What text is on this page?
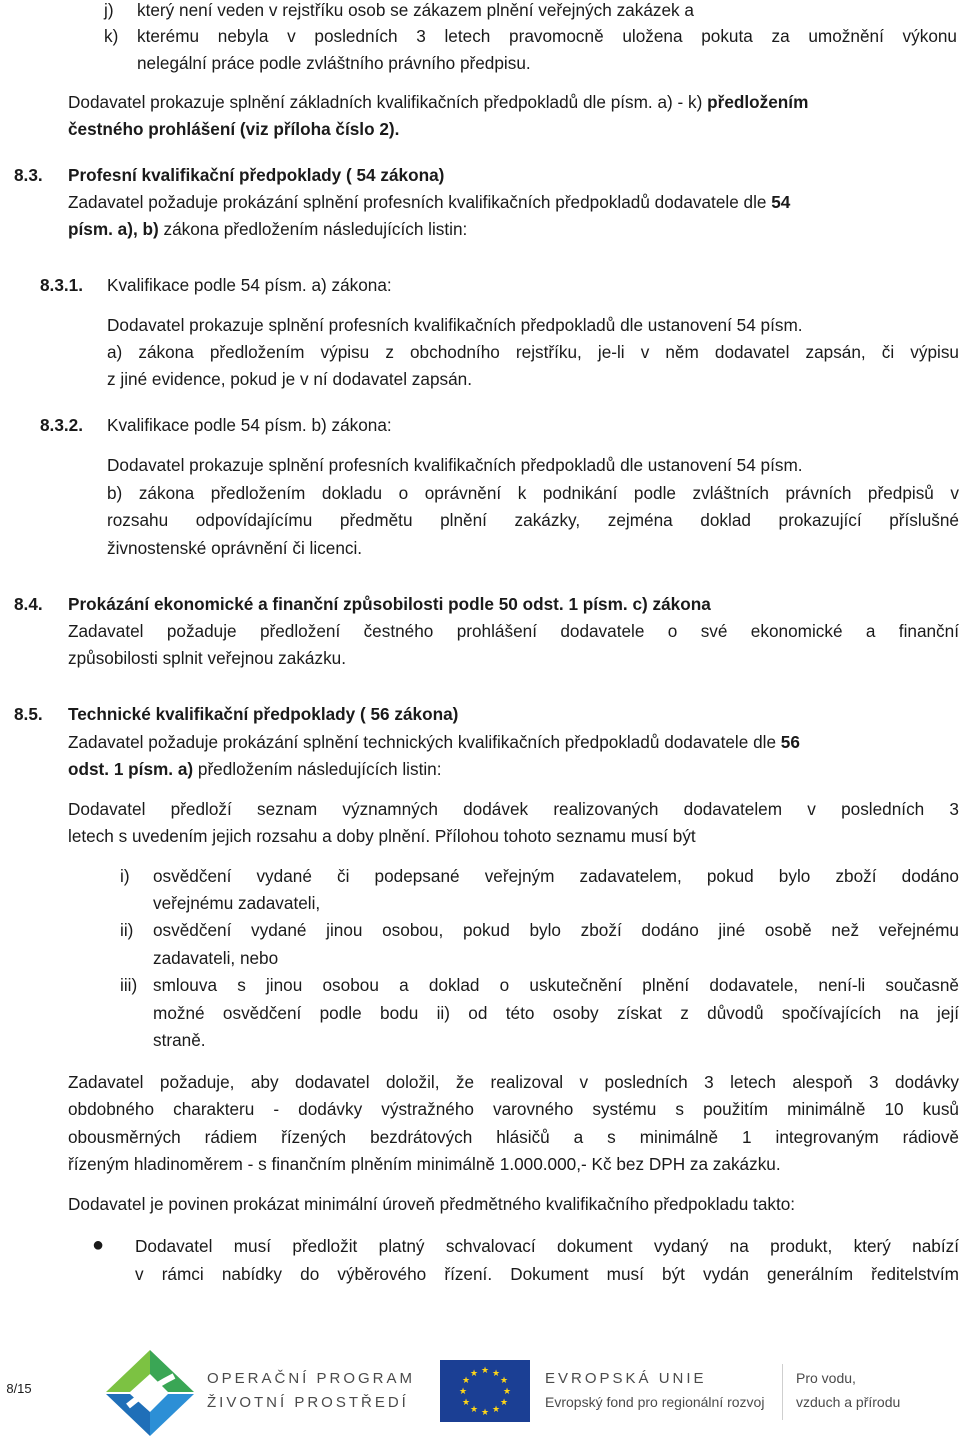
j) který není veden v rejstříku osob se zákazem plnění veřejných zakázek a
k) kterému nebyla v posledních 3 letech pravomocně uložena pokuta za umožnění výkonu
nelegální práce podle zvláštního právního předpisu.
Dodavatel prokazuje splnění základních kvalifikačních předpokladů dle písm. a) - k) předložením
čestného prohlášení (viz příloha číslo 2).
8.3. Profesní kvalifikační předpoklady ( 54 zákona)
Zadavatel požaduje prokázání splnění profesních kvalifikačních předpokladů dodavatele dle 54
písm. a), b) zákona předložením následujících listin:
8.3.1. Kvalifikace podle 54 písm. a) zákona:
Dodavatel prokazuje splnění profesních kvalifikačních předpokladů dle ustanovení 54 písm.
a) zákona předložením výpisu z obchodního rejstříku, je-li v něm dodavatel zapsán, či výpisu
z jiné evidence, pokud je v ní dodavatel zapsán.
8.3.2. Kvalifikace podle 54 písm. b) zákona:
Dodavatel prokazuje splnění profesních kvalifikačních předpokladů dle ustanovení 54 písm.
b) zákona předložením dokladu o oprávnění k podnikání podle zvláštních právních předpisů v
rozsahu odpovídajícímu předmětu plnění zakázky, zejména doklad prokazující příslušné
živnostenské oprávnění či licenci.
8.4. Prokázání ekonomické a finanční způsobilosti podle 50 odst. 1 písm. c) zákona
Zadavatel požaduje předložení čestného prohlášení dodavatele o své ekonomické a finanční
způsobilosti splnit veřejnou zakázku.
8.5. Technické kvalifikační předpoklady ( 56 zákona)
Zadavatel požaduje prokázání splnění technických kvalifikačních předpokladů dodavatele dle 56
odst. 1 písm. a) předložením následujících listin:
Dodavatel předloží seznam významných dodávek realizovaných dodavatelem v posledních 3
letech s uvedením jejich rozsahu a doby plnění. Přílohou tohoto seznamu musí být
i) osvědčení vydané či podepsané veřejným zadavatelem, pokud bylo zboží dodáno
veřejnému zadavateli,
ii) osvědčení vydané jinou osobou, pokud bylo zboží dodáno jiné osobě než veřejnému
zadavateli, nebo
iii) smlouva s jinou osobou a doklad o uskutečnění plnění dodavatele, není-li současně
možné osvědčení podle bodu ii) od této osoby získat z důvodů spočívajících na její
straně.
Zadavatel požaduje, aby dodavatel doložil, že realizoval v posledních 3 letech alespoň 3 dodávky
obdobného charakteru - dodávky výstražného varovného systému s použitím minimálně 10 kusů
obousměrných rádiem řízených bezdrátových hlásičů a s minimálně 1 integrovaným rádiově
řízeným hladinoměrem - s finančním plněním minimálně 1.000.000,- Kč bez DPH za zakázku.
Dodavatel je povinen prokázat minimální úroveň předmětného kvalifikačního předpokladu takto:
● Dodavatel musí předložit platný schvalovací dokument vydaný na produkt, který nabízí
v rámci nabídky do výběrového řízení. Dokument musí být vydán generálním ředitelstvím
8/15
OPERAČNÍ PROGRAM
ŽIVOTNÍ PROSTŘEDÍ
★ ★
★
★
★
★
★
★
★
★
★
★	EVROPSKÁ UNIE
Evropský fond pro regionální rozvoj
Pro vodu,
vzduch a přírodu
